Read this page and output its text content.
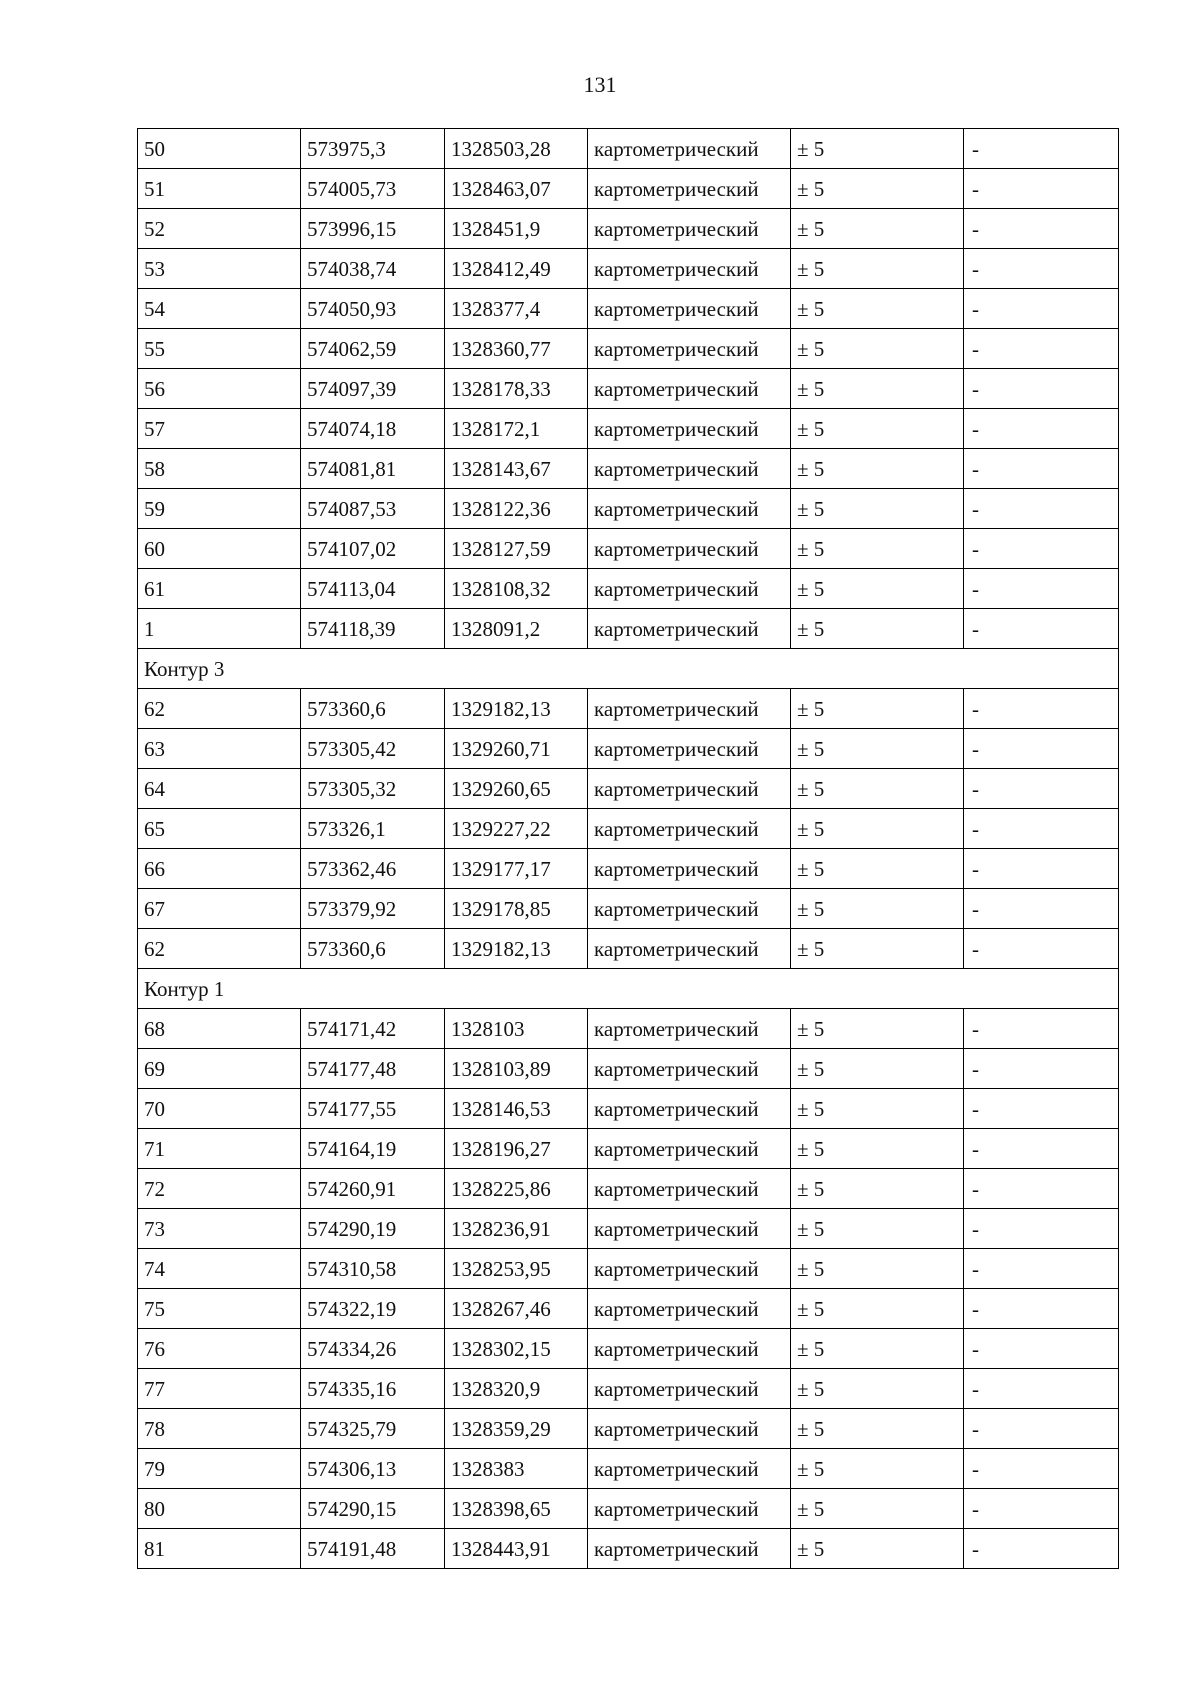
131
50	573975,3	1328503,28	картометрический	± 5	-
51	574005,73	1328463,07	картометрический	± 5	-
52	573996,15	1328451,9	картометрический	± 5	-
53	574038,74	1328412,49	картометрический	± 5	-
54	574050,93	1328377,4	картометрический	± 5	-
55	574062,59	1328360,77	картометрический	± 5	-
56	574097,39	1328178,33	картометрический	± 5	-
57	574074,18	1328172,1	картометрический	± 5	-
58	574081,81	1328143,67	картометрический	± 5	-
59	574087,53	1328122,36	картометрический	± 5	-
60	574107,02	1328127,59	картометрический	± 5	-
61	574113,04	1328108,32	картометрический	± 5	-
1	574118,39	1328091,2	картометрический	± 5	-
Контур 3					
62	573360,6	1329182,13	картометрический	± 5	-
63	573305,42	1329260,71	картометрический	± 5	-
64	573305,32	1329260,65	картометрический	± 5	-
65	573326,1	1329227,22	картометрический	± 5	-
66	573362,46	1329177,17	картометрический	± 5	-
67	573379,92	1329178,85	картометрический	± 5	-
62	573360,6	1329182,13	картометрический	± 5	-
Контур 1					
68	574171,42	1328103	картометрический	± 5	-
69	574177,48	1328103,89	картометрический	± 5	-
70	574177,55	1328146,53	картометрический	± 5	-
71	574164,19	1328196,27	картометрический	± 5	-
72	574260,91	1328225,86	картометрический	± 5	-
73	574290,19	1328236,91	картометрический	± 5	-
74	574310,58	1328253,95	картометрический	± 5	-
75	574322,19	1328267,46	картометрический	± 5	-
76	574334,26	1328302,15	картометрический	± 5	-
77	574335,16	1328320,9	картометрический	± 5	-
78	574325,79	1328359,29	картометрический	± 5	-
79	574306,13	1328383	картометрический	± 5	-
80	574290,15	1328398,65	картометрический	± 5	-
81	574191,48	1328443,91	картометрический	± 5	-
